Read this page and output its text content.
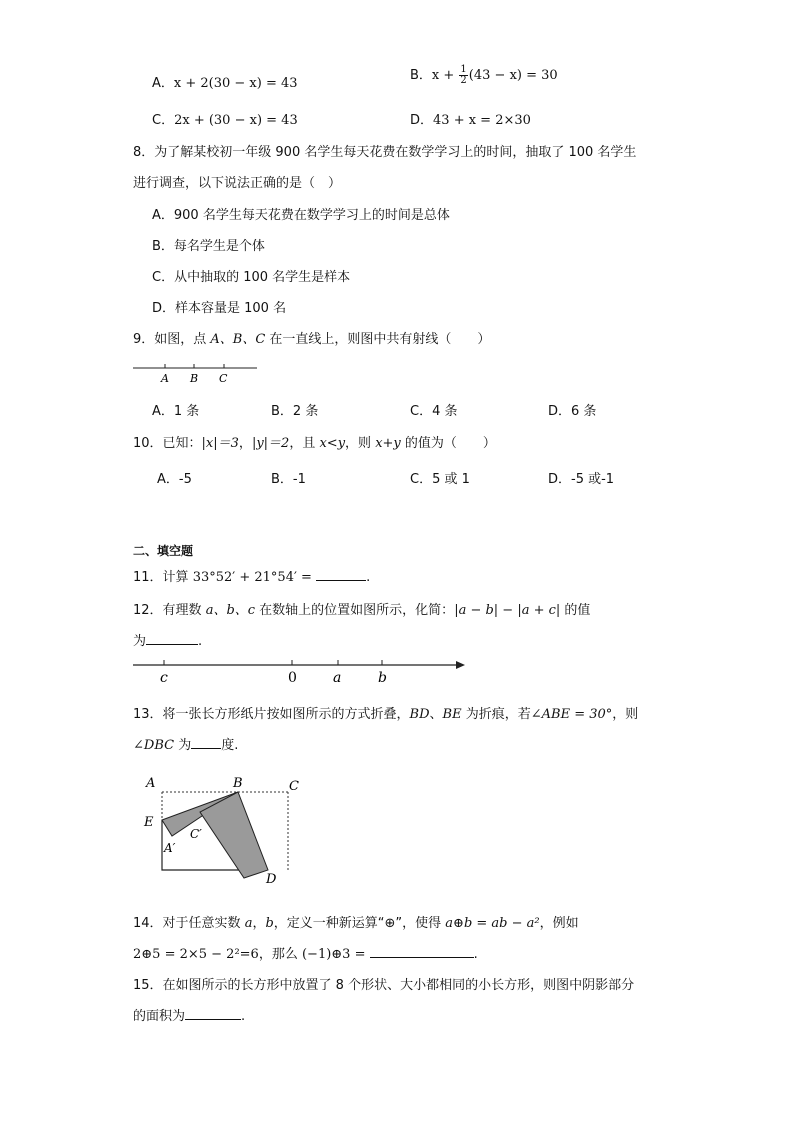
A．x + 2(30 − x) = 43
B．$x + \frac{1}{2} (43 - x) = 30$
C．2x + (30 − x) = 43	D．43 + x = 2×30
8．为了解某校初一年级 900 名学生每天花费在数学学习上的时间，抽取了 100 名学生
进行调查，以下说法正确的是（　）
A．900 名学生每天花费在数学学习上的时间是总体
B．每名学生是个体
C．从中抽取的 100 名学生是样本
D．样本容量是 100 名
9．如图，点 A、B、C 在一直线上，则图中共有射线（　　）
A B C
A．1 条	B．2 条	C．4 条	D．6 条
10．已知：|x|＝3，|y|＝2，且 x<y，则 x+y 的值为（　　）
A．-5	B．-1	C．5 或 1	D．-5 或-1
二、填空题
11．计算 33°52′ + 21°54′ =	.
12．有理数 a、b、c 在数轴上的位置如图所示，化简：|a − b| − |a + c| 的值
为	.
c	0	a	b
13．将一张长方形纸片按如图所示的方式折叠，BD、BE 为折痕，若∠ABE = 30°，则
∠DBC 为 度.
A	B	C
E
A′
C′
D
14．对于任意实数 a，b，定义一种新运算“⊕”，使得 a⊕b = ab − a²，例如
2⊕5 = 2×5 − 2²=6，那么 (−1)⊕3 =	.
15．在如图所示的长方形中放置了 8 个形状、大小都相同的小长方形，则图中阴影部分
的面积为	.
